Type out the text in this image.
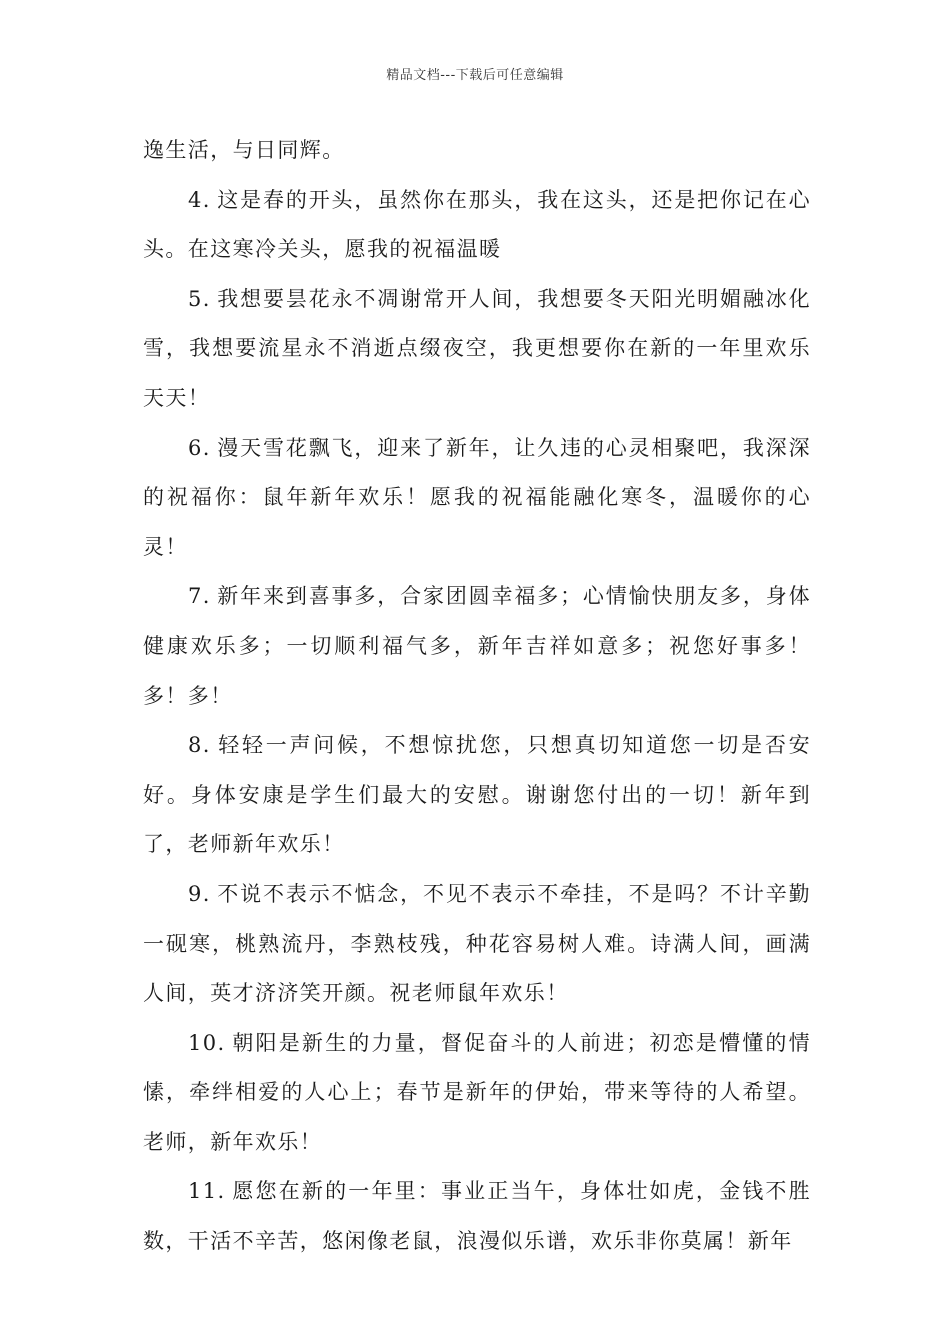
精品文档---下载后可任意编辑

逸生活，与日同辉。

4. 这是春的开头，虽然你在那头，我在这头，还是把你记在心头。在这寒冷关头，愿我的祝福温暖

5. 我想要昙花永不凋谢常开人间，我想要冬天阳光明媚融冰化雪，我想要流星永不消逝点缀夜空，我更想要你在新的一年里欢乐天天！

6. 漫天雪花飘飞，迎来了新年，让久违的心灵相聚吧，我深深的祝福你：鼠年新年欢乐！愿我的祝福能融化寒冬，温暖你的心灵！

7. 新年来到喜事多，合家团圆幸福多；心情愉快朋友多，身体健康欢乐多；一切顺利福气多，新年吉祥如意多；祝您好事多！多！多！

8. 轻轻一声问候，不想惊扰您，只想真切知道您一切是否安好。身体安康是学生们最大的安慰。谢谢您付出的一切！新年到了，老师新年欢乐！

9. 不说不表示不惦念，不见不表示不牵挂，不是吗？不计辛勤一砚寒，桃熟流丹，李熟枝残，种花容易树人难。诗满人间，画满人间，英才济济笑开颜。祝老师鼠年欢乐！

10. 朝阳是新生的力量，督促奋斗的人前进；初恋是懵懂的情愫，牵绊相爱的人心上；春节是新年的伊始，带来等待的人希望。老师，新年欢乐！

11. 愿您在新的一年里：事业正当午，身体壮如虎，金钱不胜数，干活不辛苦，悠闲像老鼠，浪漫似乐谱，欢乐非你莫属！新年
